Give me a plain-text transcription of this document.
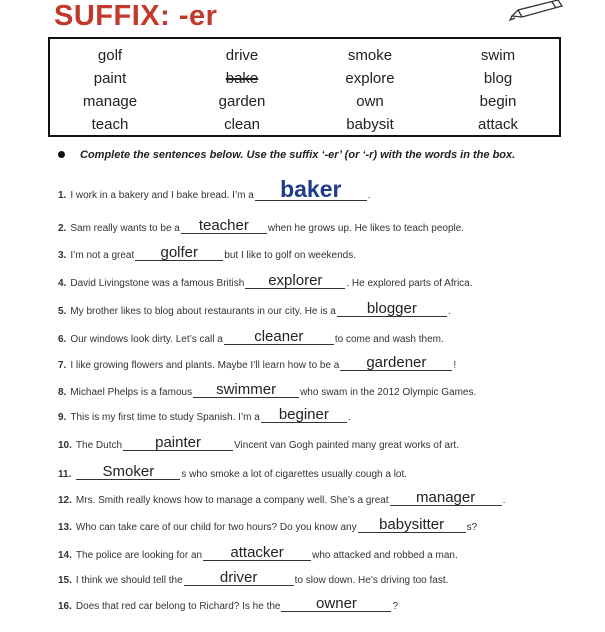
SUFFIX: -er
golf	drive	smoke	swim
paint	bake	explore	blog
manage	garden	own	begin
teach	clean	babysit	attack
Complete the sentences below. Use the suffix ‘-er’ (or ‘-r) with the words in the box.
1. I work in a bakery and I bake bread. I’m a	baker	.
2. Sam really wants to be a	teacher	when he grows up. He likes to teach people.
3. I’m not a great	golfer	but I like to golf on weekends.
4. David Livingstone was a famous British	explorer	. He explored parts of Africa.
5. My brother likes to blog about restaurants in our city. He is a	blogger	.
6. Our windows look dirty. Let’s call a	cleaner	to come and wash them.
7. I like growing flowers and plants. Maybe I’ll learn how to be a	gardener	!
8. Michael Phelps is a famous	swimmer	who swam in the 2012 Olympic Games.
9. This is my first time to study Spanish. I’m a	beginer	.
10. The Dutch	painter	Vincent van Gogh painted many great works of art.
11.	Smoker	s who smoke a lot of cigarettes usually cough a lot.
12. Mrs. Smith really knows how to manage a company well. She’s a great	manager	.
13. Who can take care of our child for two hours? Do you know any	babysitter	s?
14. The police are looking for an	attacker	who attacked and robbed a man.
15. I think we should tell the	driver	to slow down. He’s driving too fast.
16. Does that red car belong to Richard? Is he the	owner	?
